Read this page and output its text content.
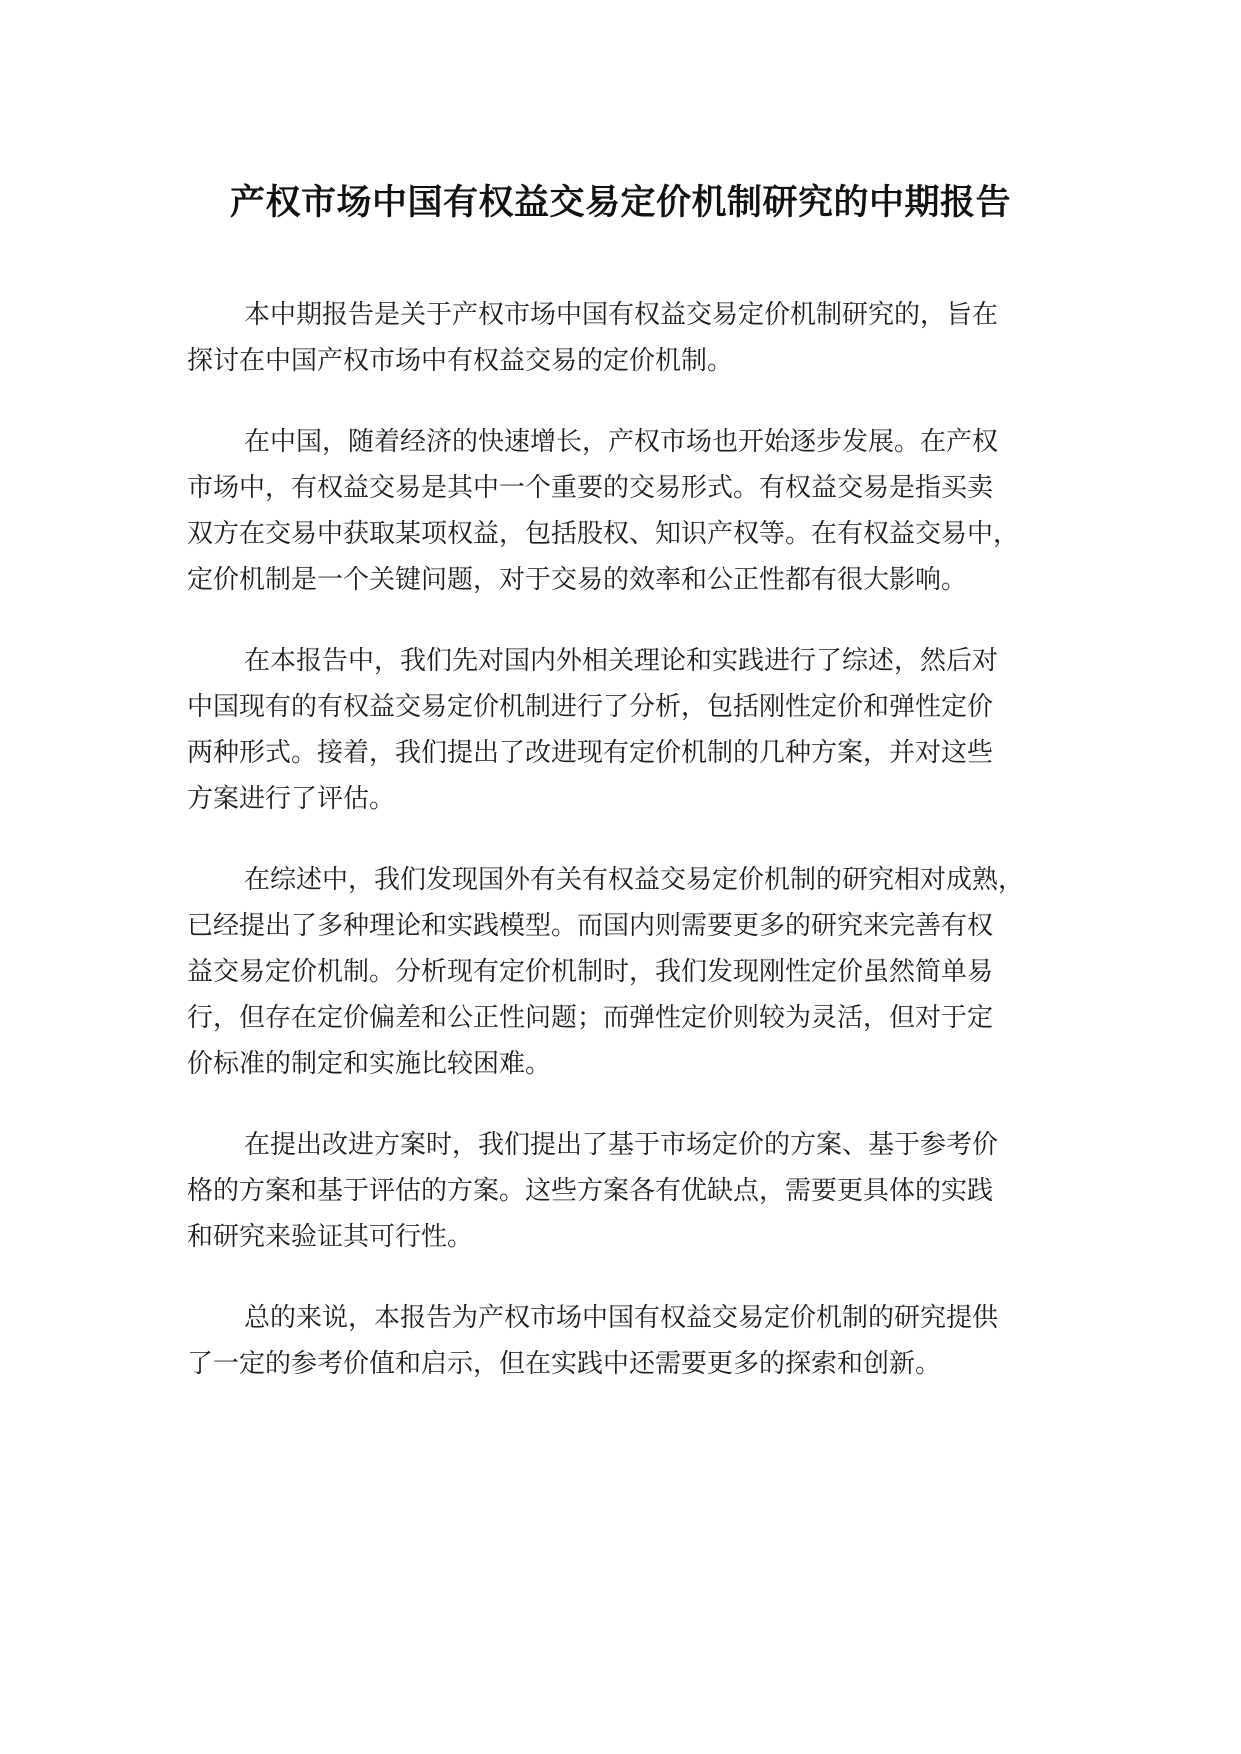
产权市场中国有权益交易定价机制研究的中期报告

本中期报告是关于产权市场中国有权益交易定价机制研究的，旨在
探讨在中国产权市场中有权益交易的定价机制。

在中国，随着经济的快速增长，产权市场也开始逐步发展。在产权
市场中，有权益交易是其中一个重要的交易形式。有权益交易是指买卖
双方在交易中获取某项权益，包括股权、知识产权等。在有权益交易中，
定价机制是一个关键问题，对于交易的效率和公正性都有很大影响。

在本报告中，我们先对国内外相关理论和实践进行了综述，然后对
中国现有的有权益交易定价机制进行了分析，包括刚性定价和弹性定价
两种形式。接着，我们提出了改进现有定价机制的几种方案，并对这些
方案进行了评估。

在综述中，我们发现国外有关有权益交易定价机制的研究相对成熟，
已经提出了多种理论和实践模型。而国内则需要更多的研究来完善有权
益交易定价机制。分析现有定价机制时，我们发现刚性定价虽然简单易
行，但存在定价偏差和公正性问题；而弹性定价则较为灵活，但对于定
价标准的制定和实施比较困难。

在提出改进方案时，我们提出了基于市场定价的方案、基于参考价
格的方案和基于评估的方案。这些方案各有优缺点，需要更具体的实践
和研究来验证其可行性。

总的来说，本报告为产权市场中国有权益交易定价机制的研究提供
了一定的参考价值和启示，但在实践中还需要更多的探索和创新。
